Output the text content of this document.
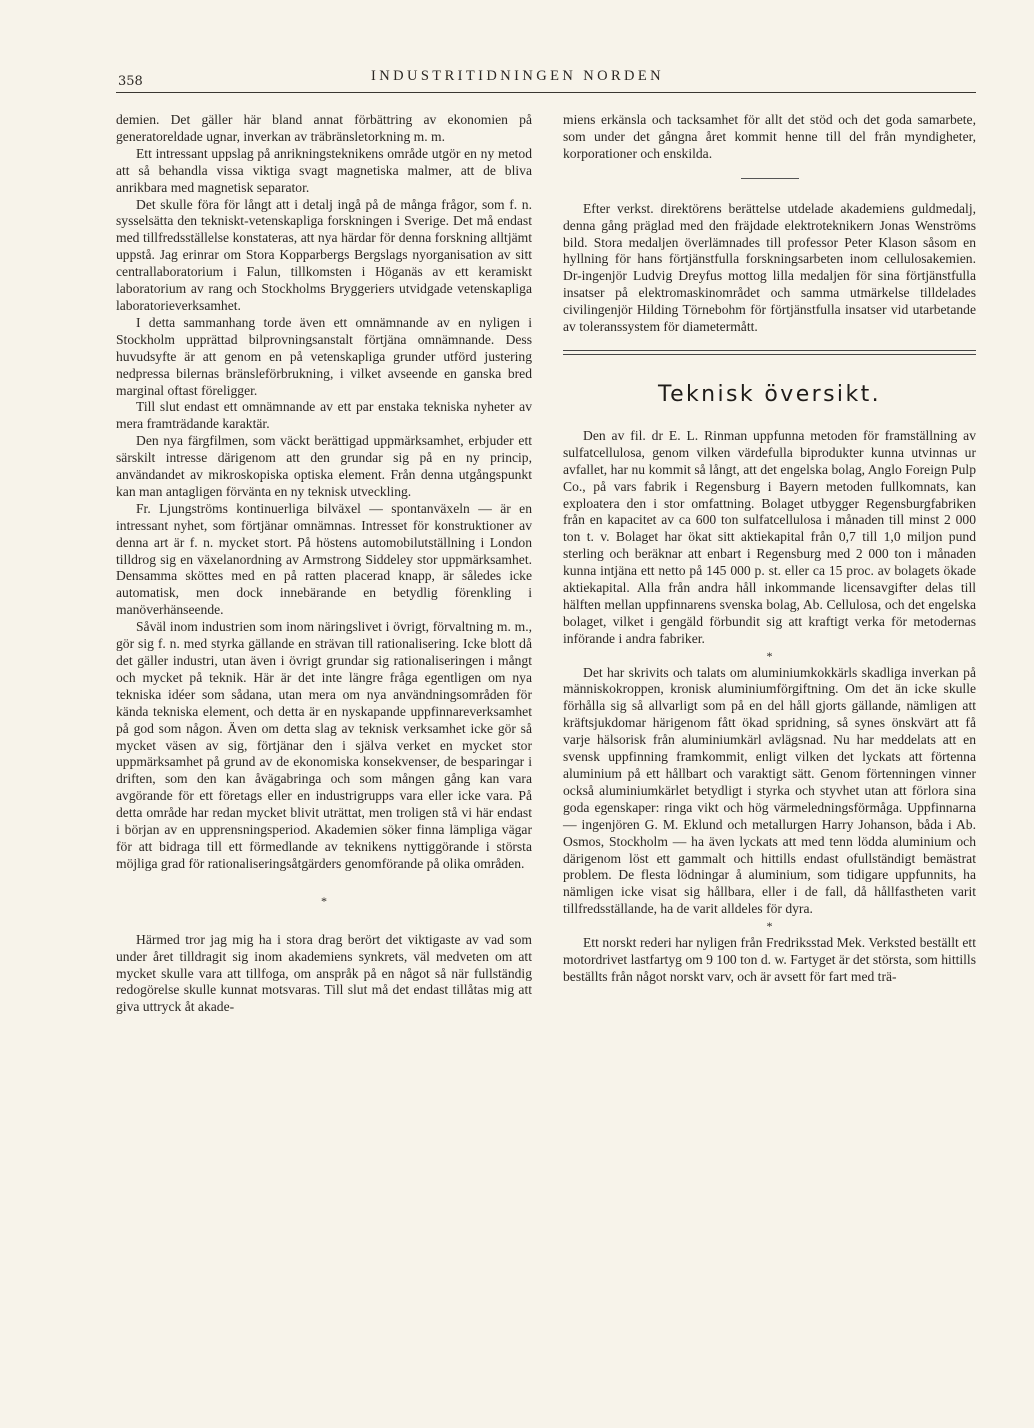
358	INDUSTRITIDNINGEN NORDEN

demien. Det gäller här bland annat förbättring av ekonomien på generatoreldade ugnar, inverkan av träbränsletorkning m. m.

Ett intressant uppslag på anrikningsteknikens område utgör en ny metod att så behandla vissa viktiga svagt magnetiska malmer, att de bliva anrikbara med magnetisk separator.

Det skulle föra för långt att i detalj ingå på de många frågor, som f. n. sysselsätta den tekniskt-vetenskapliga forskningen i Sverige. Det må endast med tillfredsställelse konstateras, att nya härdar för denna forskning alltjämt uppstå. Jag erinrar om Stora Kopparbergs Bergslags nyorganisation av sitt centrallaboratorium i Falun, tillkomsten i Höganäs av ett keramiskt laboratorium av rang och Stockholms Bryggeriers utvidgade vetenskapliga laboratorieverksamhet.

I detta sammanhang torde även ett omnämnande av en nyligen i Stockholm upprättad bilprovningsanstalt förtjäna omnämnande. Dess huvudsyfte är att genom en på vetenskapliga grunder utförd justering nedpressa bilernas bränsleförbrukning, i vilket avseende en ganska bred marginal oftast föreligger.

Till slut endast ett omnämnande av ett par enstaka tekniska nyheter av mera framträdande karaktär.

Den nya färgfilmen, som väckt berättigad uppmärksamhet, erbjuder ett särskilt intresse därigenom att den grundar sig på en ny princip, användandet av mikroskopiska optiska element. Från denna utgångspunkt kan man antagligen förvänta en ny teknisk utveckling.

Fr. Ljungströms kontinuerliga bilväxel — spontanväxeln — är en intressant nyhet, som förtjänar omnämnas. Intresset för konstruktioner av denna art är f. n. mycket stort. På höstens automobilutställning i London tilldrog sig en växelanordning av Armstrong Siddeley stor uppmärksamhet. Densamma sköttes med en på ratten placerad knapp, är således icke automatisk, men dock innebärande en betydlig förenkling i manöverhänseende.

Såväl inom industrien som inom näringslivet i övrigt, förvaltning m. m., gör sig f. n. med styrka gällande en strävan till rationalisering. Icke blott då det gäller industri, utan även i övrigt grundar sig rationaliseringen i mångt och mycket på teknik. Här är det inte längre fråga egentligen om nya tekniska idéer som sådana, utan mera om nya användningsområden för kända tekniska element, och detta är en nyskapande uppfinnareverksamhet på god som någon. Även om detta slag av teknisk verksamhet icke gör så mycket väsen av sig, förtjänar den i själva verket en mycket stor uppmärksamhet på grund av de ekonomiska konsekvenser, de besparingar i driften, som den kan åvägabringa och som mången gång kan vara avgörande för ett företags eller en industrigrupps vara eller icke vara. På detta område har redan mycket blivit uträttat, men troligen stå vi här endast i början av en upprensningsperiod. Akademien söker finna lämpliga vägar för att bidraga till ett förmedlande av teknikens nyttiggörande i största möjliga grad för rationaliseringsåtgärders genomförande på olika områden.

*

Härmed tror jag mig ha i stora drag berört det viktigaste av vad som under året tilldragit sig inom akademiens synkrets, väl medveten om att mycket skulle vara att tillfoga, om anspråk på en något så när fullständig redogörelse skulle kunnat motsvaras. Till slut må det endast tillåtas mig att giva uttryck åt akade-

miens erkänsla och tacksamhet för allt det stöd och det goda samarbete, som under det gångna året kommit henne till del från myndigheter, korporationer och enskilda.

Efter verkst. direktörens berättelse utdelade akademiens guldmedalj, denna gång präglad med den fräjdade elektroteknikern Jonas Wenströms bild. Stora medaljen överlämnades till professor Peter Klason såsom en hyllning för hans förtjänstfulla forskningsarbeten inom cellulosakemien. Dr-ingenjör Ludvig Dreyfus mottog lilla medaljen för sina förtjänstfulla insatser på elektromaskinområdet och samma utmärkelse tilldelades civilingenjör Hilding Törnebohm för förtjänstfulla insatser vid utarbetande av toleranssystem för diametermått.

Teknisk översikt.

Den av fil. dr E. L. Rinman uppfunna metoden för framställning av sulfatcellulosa, genom vilken värdefulla biprodukter kunna utvinnas ur avfallet, har nu kommit så långt, att det engelska bolag, Anglo Foreign Pulp Co., på vars fabrik i Regensburg i Bayern metoden fullkomnats, kan exploatera den i stor omfattning. Bolaget utbygger Regensburgfabriken från en kapacitet av ca 600 ton sulfatcellulosa i månaden till minst 2 000 ton t. v. Bolaget har ökat sitt aktiekapital från 0,7 till 1,0 miljon pund sterling och beräknar att enbart i Regensburg med 2 000 ton i månaden kunna intjäna ett netto på 145 000 p. st. eller ca 15 proc. av bolagets ökade aktiekapital. Alla från andra håll inkommande licensavgifter delas till hälften mellan uppfinnarens svenska bolag, Ab. Cellulosa, och det engelska bolaget, vilket i gengäld förbundit sig att kraftigt verka för metodernas införande i andra fabriker.

*

Det har skrivits och talats om aluminiumkokkärls skadliga inverkan på människokroppen, kronisk aluminiumförgiftning. Om det än icke skulle förhålla sig så allvarligt som på en del håll gjorts gällande, nämligen att kräftsjukdomar härigenom fått ökad spridning, så synes önskvärt att få varje hälsorisk från aluminiumkärl avlägsnad. Nu har meddelats att en svensk uppfinning framkommit, enligt vilken det lyckats att förtenna aluminium på ett hållbart och varaktigt sätt. Genom förtenningen vinner också aluminiumkärlet betydligt i styrka och styvhet utan att förlora sina goda egenskaper: ringa vikt och hög värmeledningsförmåga. Uppfinnarna — ingenjören G. M. Eklund och metallurgen Harry Johanson, båda i Ab. Osmos, Stockholm — ha även lyckats att med tenn lödda aluminium och därigenom löst ett gammalt och hittills endast ofullständigt bemästrat problem. De flesta lödningar å aluminium, som tidigare uppfunnits, ha nämligen icke visat sig hållbara, eller i de fall, då hållfastheten varit tillfredsställande, ha de varit alldeles för dyra.

*

Ett norskt rederi har nyligen från Fredriksstad Mek. Verksted beställt ett motordrivet lastfartyg om 9 100 ton d. w. Fartyget är det största, som hittills beställts från något norskt varv, och är avsett för fart med trä-
